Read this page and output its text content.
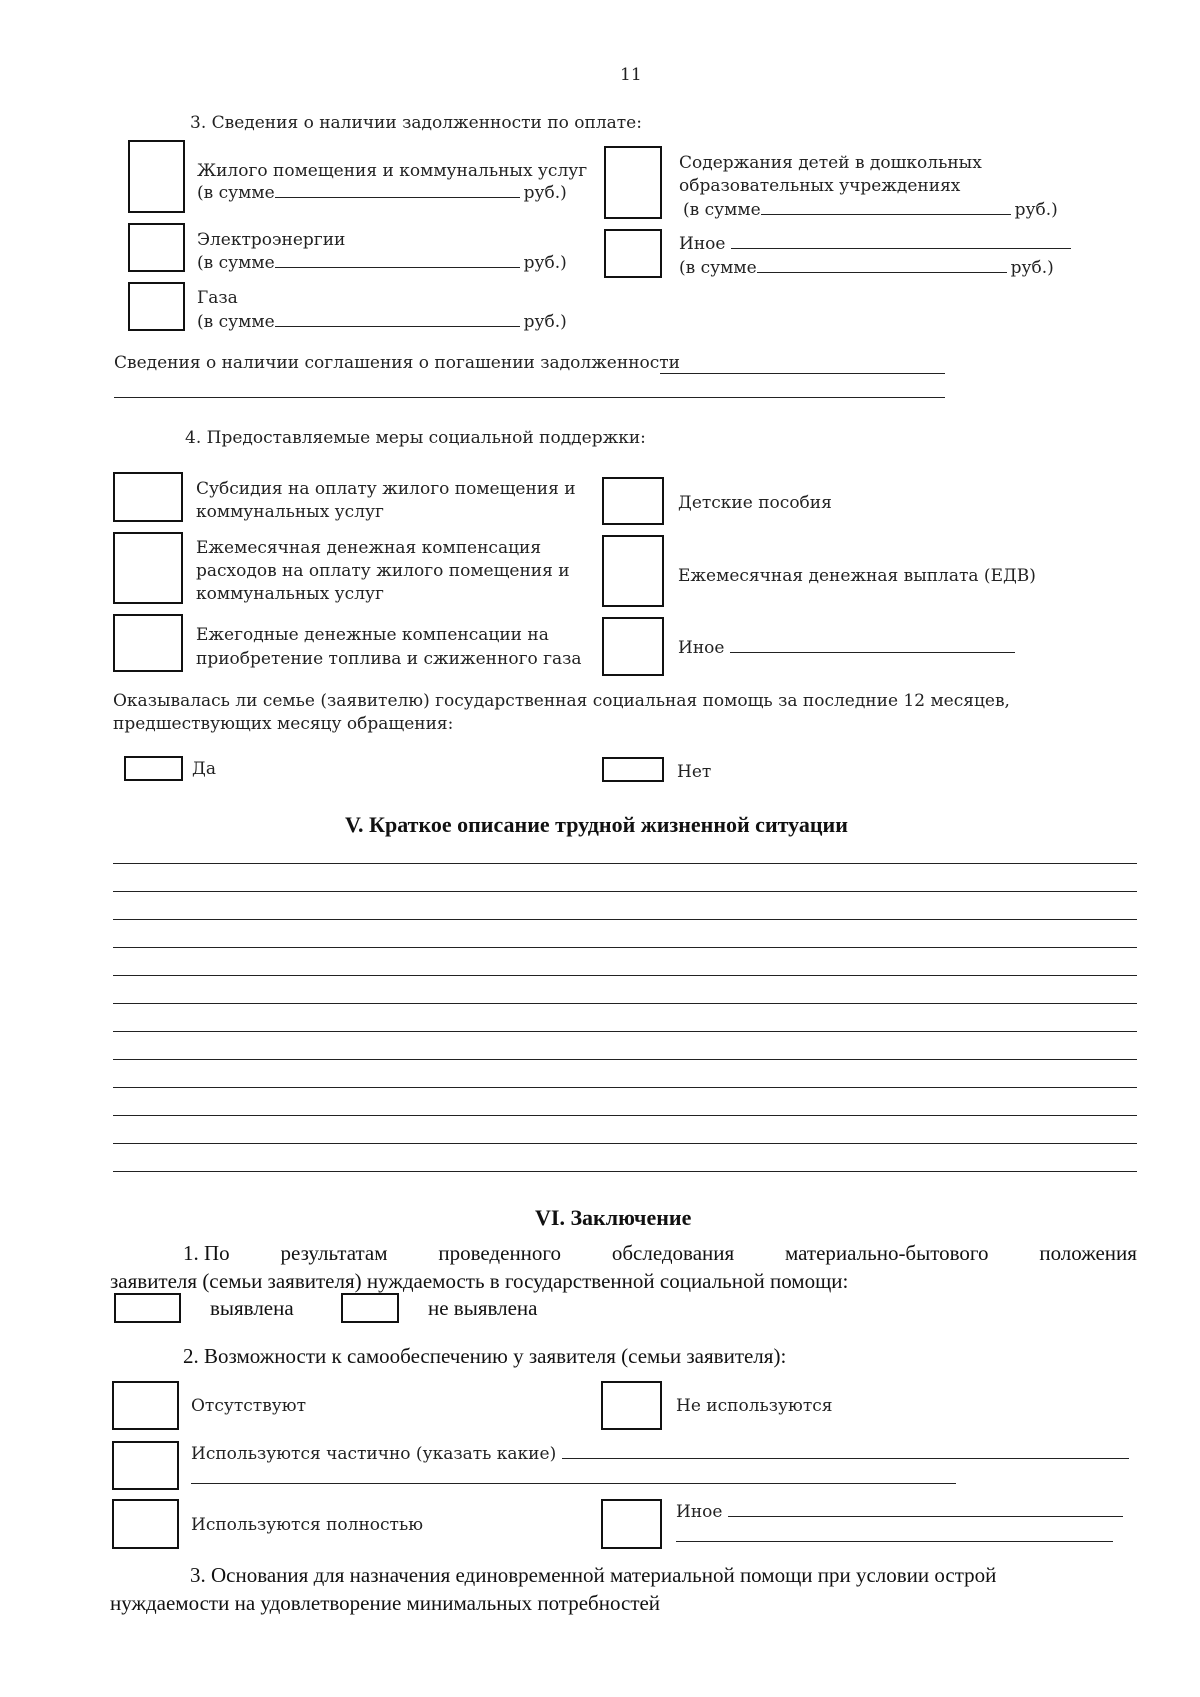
11
3. Сведения о наличии задолженности по оплате:
Жилого помещения и коммунальных услуг
(в сумме	руб.)
Электроэнергии
(в сумме	руб.)
Газа
(в сумме	руб.)
Содержания детей в дошкольных
образовательных учреждениях
(в сумме	руб.)
Иное
(в сумме	руб.)
Сведения о наличии соглашения о погашении задолженности
4. Предоставляемые меры социальной поддержки:
Субсидия на оплату жилого помещения и
коммунальных услуг
Ежемесячная денежная компенсация
расходов на оплату жилого помещения и
коммунальных услуг
Ежегодные денежные компенсации на
приобретение топлива и сжиженного газа
Детские пособия
Ежемесячная денежная выплата (ЕДВ)
Иное
Оказывалась ли семье (заявителю) государственная социальная помощь за последние 12 месяцев,
предшествующих месяцу обращения:
Да	Нет
V. Краткое описание трудной жизненной ситуации
VI. Заключение
1. По результатам проведенного обследования материально-бытового положения
заявителя (семьи заявителя) нуждаемость в государственной социальной помощи:
выявлена	не выявлена
2. Возможности к самообеспечению у заявителя (семьи заявителя):
Отсутствуют	Не используются
Используются частично (указать какие)
Используются полностью
Иное
3. Основания для назначения единовременной материальной помощи при условии острой
нуждаемости на удовлетворение минимальных потребностей
